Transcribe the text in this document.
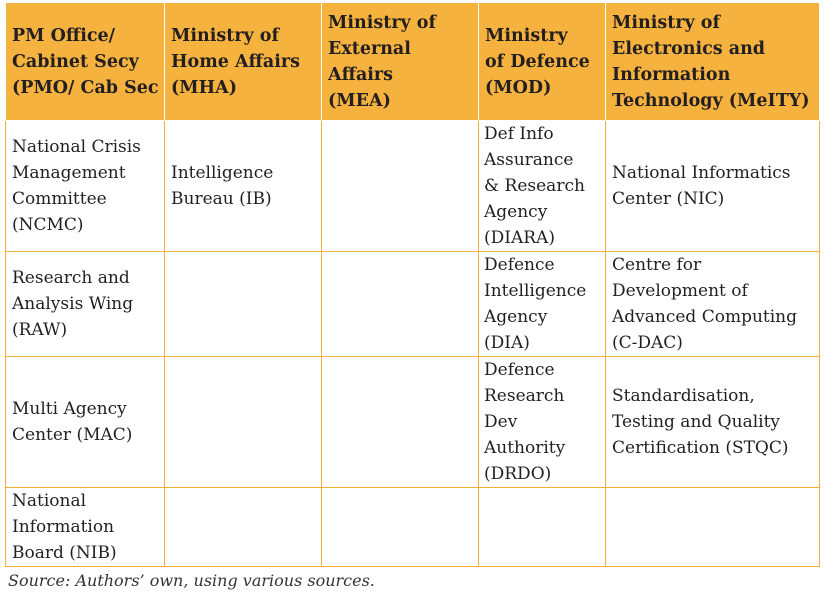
PM Office/
Cabinet Secy
(PMO/ Cab Sec	Ministry of
Home Affairs
(MHA)	Ministry of
External Affairs
(MEA)	Ministry
of Defence
(MOD)	Ministry of
Electronics and
Information
Technology (MeITY)

National Crisis
Management
Committee
(NCMC)	Intelligence
Bureau (IB)		Def Info
Assurance
& Research
Agency
(DIARA)	National Informatics
Center (NIC)

Research and
Analysis Wing
(RAW)			Defence
Intelligence
Agency
(DIA)	Centre for
Development of
Advanced Computing
(C-DAC)

Multi Agency
Center (MAC)			Defence
Research
Dev
Authority
(DRDO)	Standardisation,
Testing and Quality
Certification (STQC)

National
Information
Board (NIB)				

Source: Authors’ own, using various sources.
